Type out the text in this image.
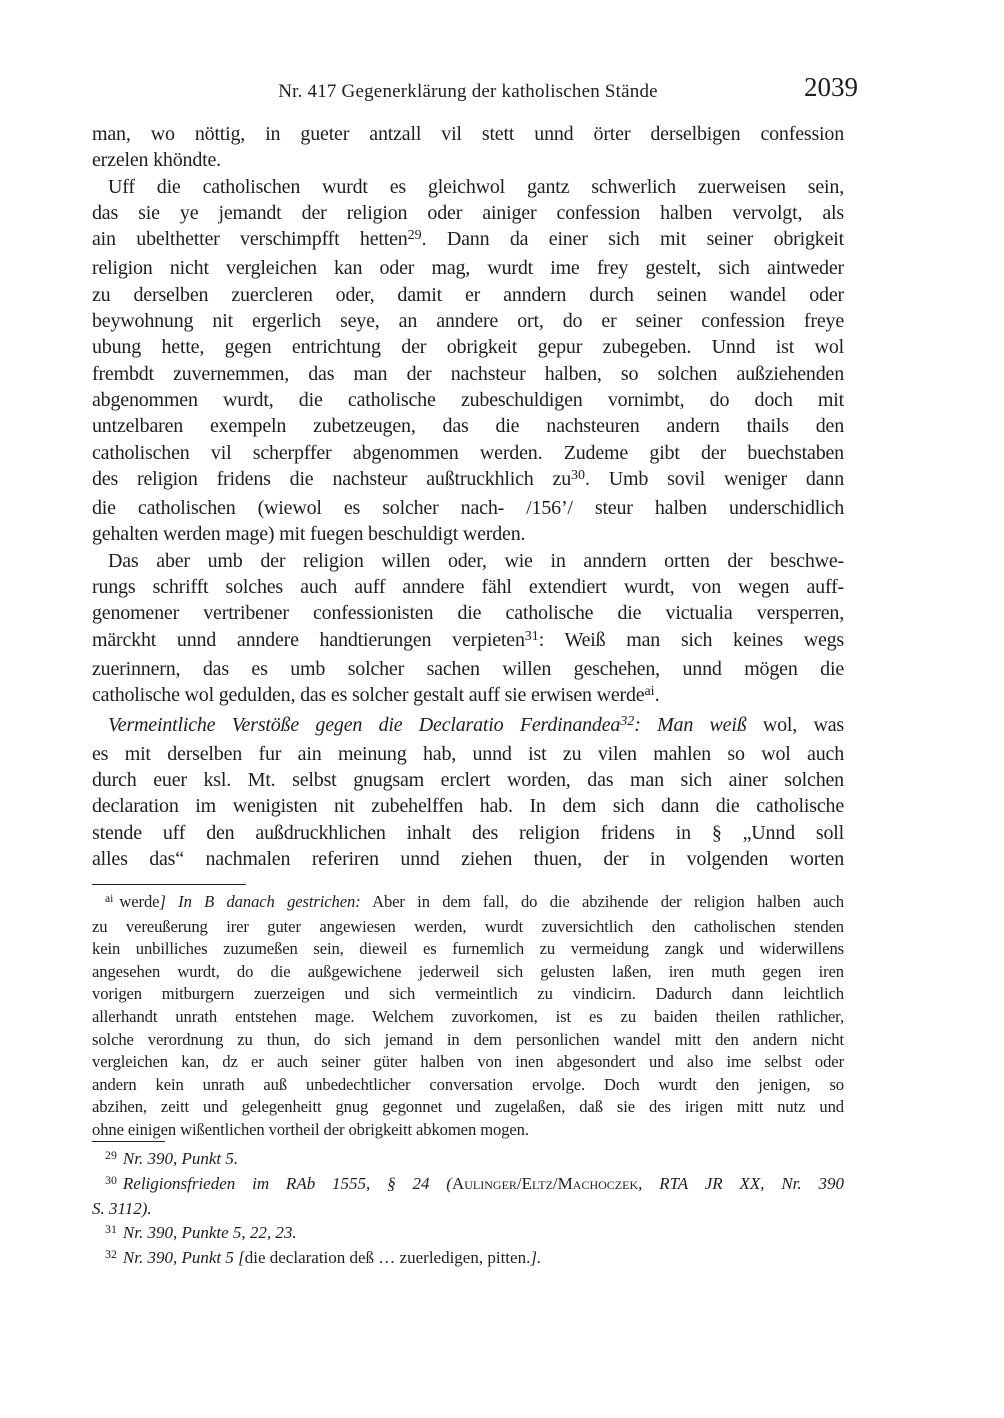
Nr. 417 Gegenerklärung der katholischen Stände	2039
man, wo nöttig, in gueter antzall vil stett unnd örter derselbigen confession
erzelen khöndte.
Uff die catholischen wurdt es gleichwol gantz schwerlich zuerweisen sein,
das sie ye jemandt der religion oder ainiger confession halben vervolgt, als
ain ubelthetter verschimpfft hetten$^{29}$. Dann da einer sich mit seiner obrigkeit
religion nicht vergleichen kan oder mag, wurdt ime frey gestelt, sich aintweder
zu derselben zuercleren oder, damit er anndern durch seinen wandel oder
beywohnung nit ergerlich seye, an anndere ort, do er seiner confession freye
ubung hette, gegen entrichtung der obrigkeit gepur zubegeben. Unnd ist wol
frembdt zuvernemmen, das man der nachsteur halben, so solchen außziehenden
abgenommen wurdt, die catholische zubeschuldigen vornimbt, do doch mit
untzelbaren exempeln zubetzeugen, das die nachsteuren andern thails den
catholischen vil scherpffer abgenommen werden. Zudeme gibt der buechstaben
des religion fridens die nachsteur außtruckhlich $zu^{30}$. Umb sovil weniger dann
die catholischen (wiewol es solcher nach- /156’/ steur halben underschidlich
gehalten werden mage) mit fuegen beschuldigt werden.
Das aber umb der religion willen oder, wie in anndern ortten der beschwe-
rungs schrifft solches auch auff anndere fähl extendiert wurdt, von wegen auff-
genomener vertribener confessionisten die catholische die victualia versperren,
märckht unnd anndere handtierungen verpieten$^{31}$: Weiß man sich keines wegs
zuerinnern, das es umb solcher sachen willen geschehen, unnd mögen die
catholische wol gedulden, das es solcher gestalt auff sie erwisen werde$^{ai}$.
Vermeintliche Verstöße gegen die Declaratio Ferdinandea$^{32}$: Man weiß wol, was
es mit derselben fur ain meinung hab, unnd ist zu vilen mahlen so wol auch
durch euer ksl. Mt. selbst gnugsam erclert worden, das man sich ainer solchen
declaration im wenigisten nit zubehelffen hab. In dem sich dann die catholische
stende uff den außdruckhlichen inhalt des religion fridens in § „Unnd soll
alles das“ nachmalen referiren unnd ziehen thuen, der in volgenden worten
$^{ai}$ werde] In B danach gestrichen: Aber in dem fall, do die abzihende der religion halben auch
zu vereußerung irer guter angewiesen werden, wurdt zuversichtlich den catholischen stenden
kein unbilliches zuzumeßen sein, dieweil es furnemlich zu vermeidung zangk und widerwillens
angesehen wurdt, do die außgewichene jederweil sich gelusten laßen, iren muth gegen iren
vorigen mitburgern zuerzeigen und sich vermeintlich zu vindicirn. Dadurch dann leichtlich
allerhandt unrath entstehen mage. Welchem zuvorkomen, ist es zu baiden theilen rathlicher,
solche verordnung zu thun, do sich jemand in dem personlichen wandel mitt den andern nicht
vergleichen kan, dz er auch seiner güter halben von inen abgesondert und also ime selbst oder
andern kein unrath auß unbedechtlicher conversation ervolge. Doch wurdt den jenigen, so
abzihen, zeitt und gelegenheitt gnug gegonnet und zugelaßen, daß sie des irigen mitt nutz und
ohne einigen wißentlichen vortheil der obrigkeitt abkomen mogen.
$^{29}$ Nr. 390, Punkt 5.
$^{30}$ Religionsfrieden im RAb 1555, § 24 (Aulinger/Eltz/Machoczek, RTA JR XX, Nr. 390
S. 3112).
$^{31}$ Nr. 390, Punkte 5, 22, 23.
$^{32}$ Nr. 390, Punkt 5 [die declaration deß … zuerledigen, pitten.].
